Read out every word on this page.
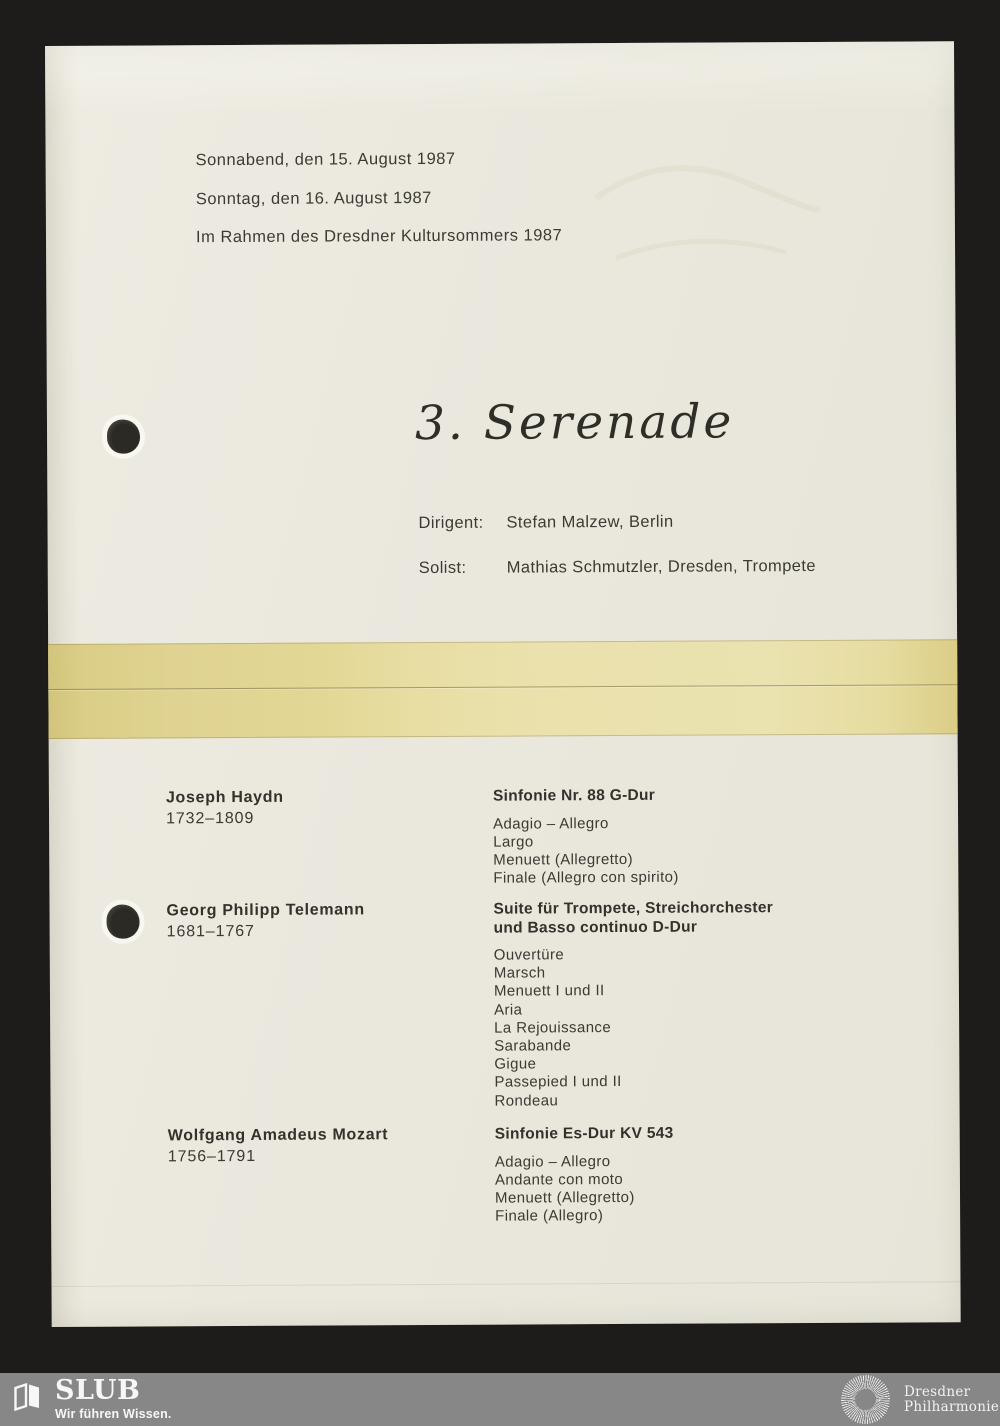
Sonnabend, den 15. August 1987
Sonntag, den 16. August 1987
Im Rahmen des Dresdner Kultursommers 1987
3. Serenade
Dirigent: Stefan Malzew, Berlin
Solist: Mathias Schmutzler, Dresden, Trompete
Joseph Haydn
1732–1809
Sinfonie Nr. 88 G-Dur
Adagio – Allegro
Largo
Menuett (Allegretto)
Finale (Allegro con spirito)
Georg Philipp Telemann
1681–1767
Suite für Trompete, Streichorchester
und Basso continuo D-Dur
Ouvertüre
Marsch
Menuett I und II
Aria
La Rejouissance
Sarabande
Gigue
Passepied I und II
Rondeau
Wolfgang Amadeus Mozart
1756–1791
Sinfonie Es-Dur KV 543
Adagio – Allegro
Andante con moto
Menuett (Allegretto)
Finale (Allegro)
SLUB
Wir führen Wissen.
Dresdner
Philharmonie
